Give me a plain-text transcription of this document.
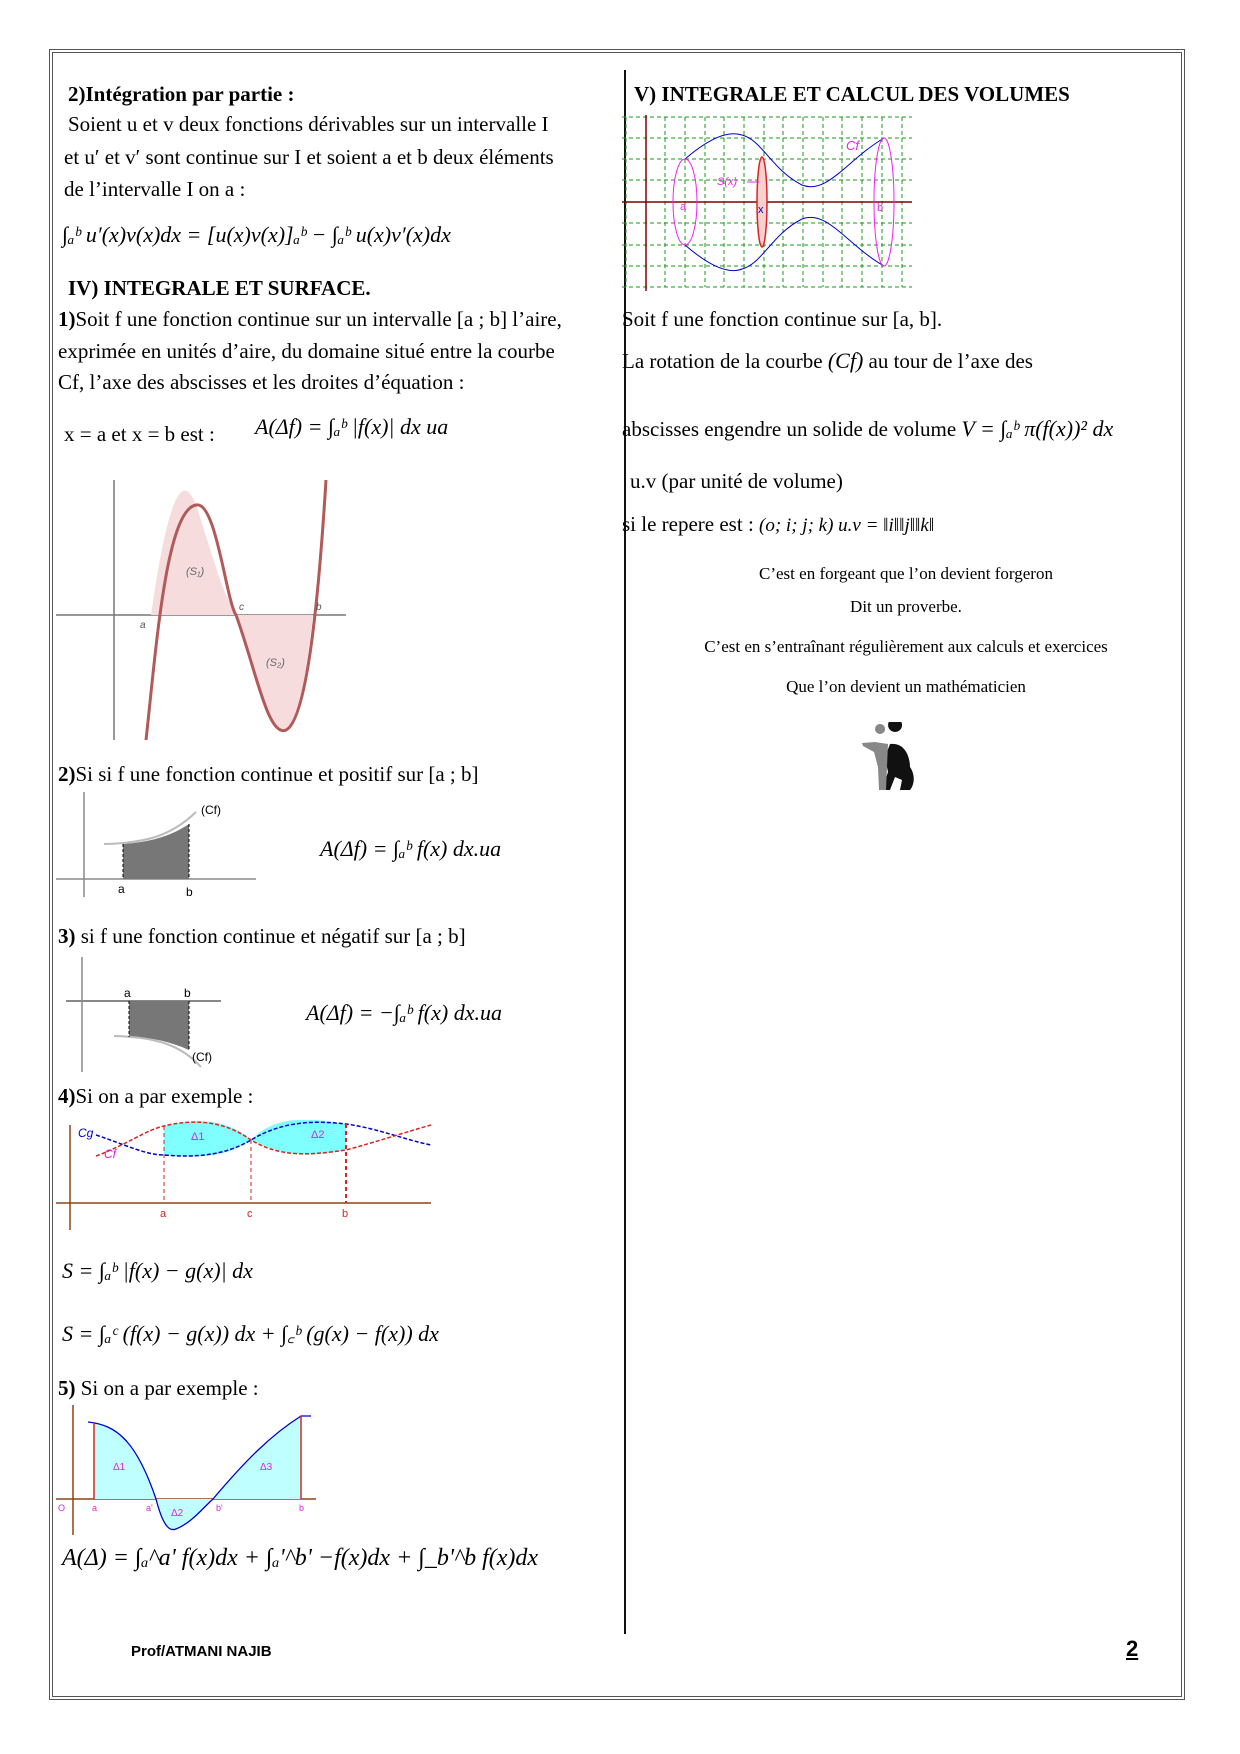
2)Intégration par partie :
Soient u et v deux fonctions dérivables sur un intervalle I
et u′ et v′ sont continue sur I et soient a et b deux éléments
de l’intervalle I on a :
∫ₐᵇ u′(x)v(x)dx = [u(x)v(x)]ₐᵇ − ∫ₐᵇ u(x)v′(x)dx
IV) INTEGRALE ET SURFACE.
1)Soit f une fonction continue sur un intervalle [a ; b] l’aire,
exprimée en unités d’aire, du domaine situé entre la courbe
Cf, l’axe des abscisses et les droites d’équation :
x = a et x = b est : A(Δf) = ∫ₐᵇ |f(x)| dx ua
(S₁)
(S₂)
a
c	b
2)Si si f une fonction continue et positif sur [a ; b]
(Cf)
a	b
A(Δf) = ∫ₐᵇ f(x) dx.ua
3) si f une fonction continue et négatif sur [a ; b]
a	b
(Cf)
A(Δf) = −∫ₐᵇ f(x) dx.ua
4)Si on a par exemple :
Cg
Cf
Δ1	Δ2
a	c	b
S = ∫ₐᵇ |f(x) − g(x)| dx
S = ∫ₐᶜ (f(x) − g(x)) dx + ∫꜀ᵇ (g(x) − f(x)) dx
5) Si on a par exemple :
Δ1
Δ2
Δ3
O	a	a'	b'	b
A(Δ) = ∫ₐ^a' f(x)dx + ∫ₐ'^b' −f(x)dx + ∫_b'^b f(x)dx
V) INTEGRALE ET CALCUL DES VOLUMES
Cf
S(x)
a	x	b
Soit f une fonction continue sur [a, b].
La rotation de la courbe (Cf) au tour de l’axe des
abscisses engendre un solide de volume V = ∫ₐᵇ π(f(x))² dx
u.v (par unité de volume)
si le repere est : (o; i; j; k) u.v = ‖i‖‖j‖‖k‖
C’est en forgeant que l’on devient forgeron
Dit un proverbe.
C’est en s’entraînant régulièrement aux calculs et exercices
Que l’on devient un mathématicien
Prof/ATMANI NAJIB	2
